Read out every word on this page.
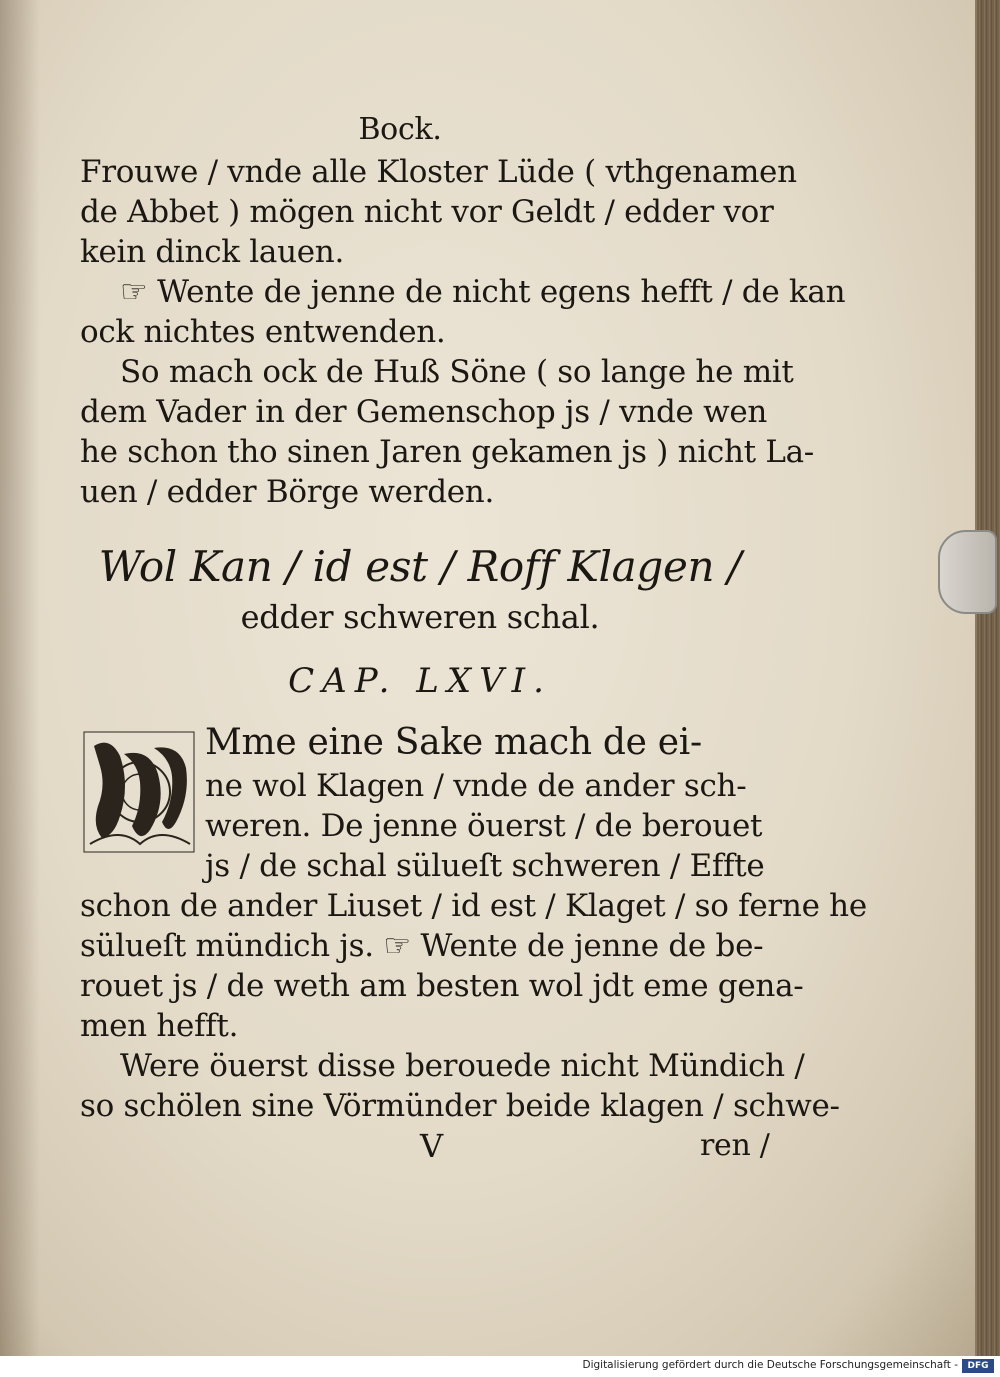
Bock.
Frouwe / vnde alle Kloster Lüde ( vthgenamen
de Abbet ) mögen nicht vor Geldt / edder vor
kein dinck lauen.
☞ Wente de jenne de nicht egens hefft / de kan
ock nichtes entwenden.
So mach ock de Huß Söne ( so lange he mit
dem Vader in der Gemenschop js / vnde wen
he schon tho sinen Jaren gekamen js ) nicht La-
uen / edder Börge werden.
Wol Kan / id est / Roff Klagen /
edder schweren schal.
CAP. LXVI.
Mme eine Sake mach de ei-
ne wol Klagen / vnde de ander sch-
weren. De jenne öuerst / de berouet
js / de schal sülueſt schweren / Effte
schon de ander Liuset / id est / Klaget / so ferne he
sülueſt mündich js. ☞ Wente de jenne de be-
rouet js / de weth am besten wol jdt eme gena-
men hefft.
Were öuerst disse berouede nicht Mündich /
so schölen sine Vörmünder beide klagen / schwe-
V	ren /
Digitalisierung gefördert durch die Deutsche Forschungsgemeinschaft -	DFG
